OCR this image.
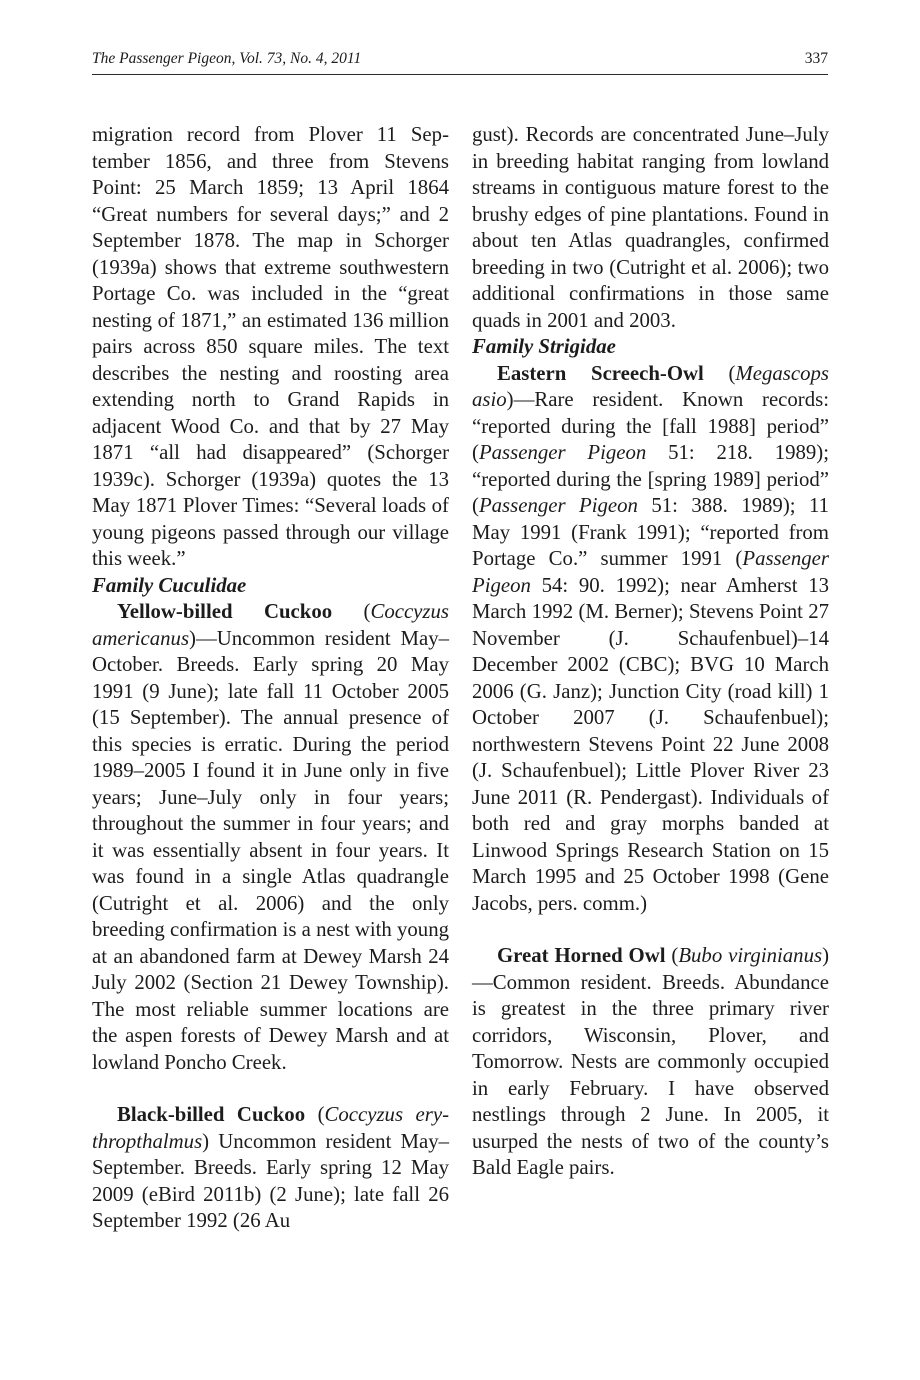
The Passenger Pigeon, Vol. 73, No. 4, 2011	337

migration record from Plover 11 September 1856, and three from Stevens Point: 25 March 1859; 13 April 1864 “Great numbers for several days;” and 2 September 1878. The map in Schorger (1939a) shows that extreme southwestern Portage Co. was included in the “great nesting of 1871,” an estimated 136 million pairs across 850 square miles. The text describes the nesting and roosting area extending north to Grand Rapids in adjacent Wood Co. and that by 27 May 1871 “all had disappeared” (Schorger 1939c). Schorger (1939a) quotes the 13 May 1871 Plover Times: “Several loads of young pigeons passed through our village this week.”

Family Cuculidae

Yellow-billed Cuckoo (Coccyzus americanus)—Uncommon resident May–October. Breeds. Early spring 20 May 1991 (9 June); late fall 11 October 2005 (15 September). The annual presence of this species is erratic. During the period 1989–2005 I found it in June only in five years; June–July only in four years; throughout the summer in four years; and it was essentially absent in four years. It was found in a single Atlas quadrangle (Cutright et al. 2006) and the only breeding confirmation is a nest with young at an abandoned farm at Dewey Marsh 24 July 2002 (Section 21 Dewey Township). The most reliable summer locations are the aspen forests of Dewey Marsh and at lowland Poncho Creek.

Black-billed Cuckoo (Coccyzus erythropthalmus) Uncommon resident May–September. Breeds. Early spring 12 May 2009 (eBird 2011b) (2 June); late fall 26 September 1992 (26 Au

gust). Records are concentrated June–July in breeding habitat ranging from lowland streams in contiguous mature forest to the brushy edges of pine plantations. Found in about ten Atlas quadrangles, confirmed breeding in two (Cutright et al. 2006); two additional confirmations in those same quads in 2001 and 2003.

Family Strigidae

Eastern Screech-Owl (Megascops asio)—Rare resident. Known records: “reported during the [fall 1988] period” (Passenger Pigeon 51: 218. 1989); “reported during the [spring 1989] period” (Passenger Pigeon 51: 388. 1989); 11 May 1991 (Frank 1991); “reported from Portage Co.” summer 1991 (Passenger Pigeon 54: 90. 1992); near Amherst 13 March 1992 (M. Berner); Stevens Point 27 November (J. Schaufenbuel)–14 December 2002 (CBC); BVG 10 March 2006 (G. Janz); Junction City (road kill) 1 October 2007 (J. Schaufenbuel); northwestern Stevens Point 22 June 2008 (J. Schaufenbuel); Little Plover River 23 June 2011 (R. Pendergast). Individuals of both red and gray morphs banded at Linwood Springs Research Station on 15 March 1995 and 25 October 1998 (Gene Jacobs, pers. comm.)

Great Horned Owl (Bubo virginianus)—Common resident. Breeds. Abundance is greatest in the three primary river corridors, Wisconsin, Plover, and Tomorrow. Nests are commonly occupied in early February. I have observed nestlings through 2 June. In 2005, it usurped the nests of two of the county’s Bald Eagle pairs.
